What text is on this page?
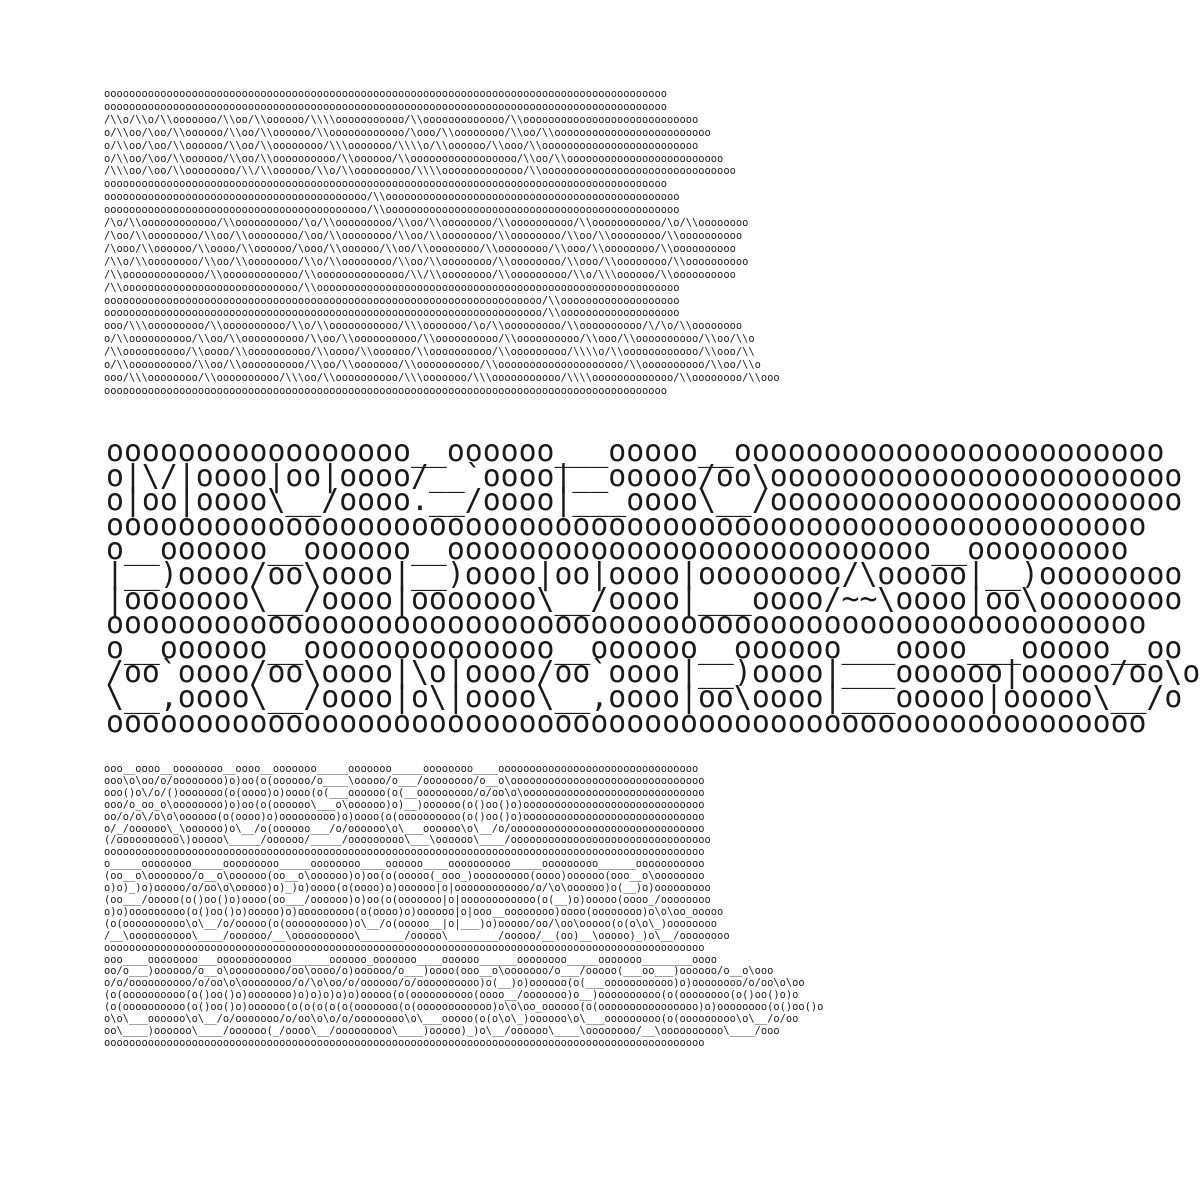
oooooooooooooooooooooooooooooooooooooooooooooooooooooooooooooooooooooooooooooooooooooooooo
oooooooooooooooooooooooooooooooooooooooooooooooooooooooooooooooooooooooooooooooooooooooooo
/\\o/\\o/\\ooooooo/\\oo/\\oooooo/\\\\ooooooooooo/\\ooooooooooooo/\\oooooooooooooooooooooooooooo
o/\\oo/\oo/\\oooooo/\\oo/\\oooooo/\\oooooooooooo/\ooo/\\oooooooo/\\oo/\\ooooooooooooooooooooooooo
o/\\oo/\oo/\\oooooo/\\oo/\\oooooooo/\\\ooooooo/\\\\o/\\oooooo/\\ooo/\\ooooooooooooooooooooooooo
o/\\oo/\oo/\\oooooo/\\oo/\\oooooooooo/\\oooooo/\\ooooooooooooooooo/\\oo/\\ooooooooooooooooooooooooo
/\\\oo/\oo/\\oooooooo/\\/\\oooooo/\\o/\\ooooooooo/\\\\ooooooooooooo/\\ooooooooooooooooooooooooooooooo
oooooooooooooooooooooooooooooooooooooooooooooooooooooooooooooooooooooooooooooooooooooooooo
oooooooooooooooooooooooooooooooooooooooooo/\\ooooooooooooooooooooooooooooooooooooooooooooooo
oooooooooooooooooooooooooooooooooooooooooo/\\ooooooooooooooooooooooooooooooooooooooooooooooo
/\o/\\oooooooooooo/\\oooooooooo/\o/\\ooooooooo/\\oo/\\oooooooo/\\oooooooooo/\\ooooooooooo/\o/\\oooooooo
/\oo/\\oooooooo/\\oo/\\oooooooo/\oo/\\oooooooo/\\oo/\\oooooooo/\\oooooooo/\\oo/\\oooooooo/\\oooooooooo
/\ooo/\\oooooo/\\oooo/\\oooooo/\ooo/\\oooooo/\\oo/\\oooooooo/\\oooooooo/\\ooo/\\oooooooo/\\oooooooooo
/\\o/\\oooooooo/\\oo/\\oooooooo/\\o/\\oooooooo/\\oo/\\oooooooo/\\oooooooo/\\ooo/\\oooooooo/\\oooooooooo
/\\ooooooooooooo/\\oooooooooooo/\\oooooooooooooo/\\/\\oooooooo/\\ooooooooo/\\o/\\\oooooo/\\oooooooooo
/\\oooooooooooooooooooooooooooo/\\oooooooooooooooooooooooooooooooooooooooooooooooooooooooooo
oooooooooooooooooooooooooooooooooooooooooooooooooooooooooooooooooooooo/\\ooooooooooooooooooo
oooooooooooooooooooooooooooooooooooooooooooooooooooooooooooooooooooooo/\\ooooooooooooooooooo
ooo/\\\ooooooooo/\\oooooooooo/\\o/\\ooooooooooo/\\\ooooooo/\o/\\ooooooooo/\\oooooooooo/\/\o/\\oooooooo
o/\\oooooooooo/\\oo/\\oooooooooo/\\oo/\\oooooooooo/\\oooooooooo/\\oooooooooo/\\ooo/\\oooooooooo/\\oo/\\o
/\\oooooooooo/\\oooo/\\oooooooooo/\\oooo/\\oooooo/\\oooooooooo/\\ooooooooo/\\\\o/\\oooooooooooo/\\ooo/\\
o/\\oooooooooo/\\oo/\\oooooooooo/\\oo/\\ooooooo/\\oooooooooo/\\oooooooooooooooooooo/\\oooooooooo/\\oo/\\o
ooo/\\\oooooooo/\\oooooooooo/\\\oo/\\oooooooooo/\\\ooooooo/\\\ooooooooooo/\\\\ooooooooooooo/\\oooooooo/\\ooo
oooooooooooooooooooooooooooooooooooooooooooooooooooooooooooooooooooooooooooooooooooooooooo
ooooooooooooooooo__oooooo___ooooo__oooooooooooooooooooooooo
o|\/|oooo|oo|oooo/__`oooo|__ooooo/oo\ooooooooooooooooooooooo
o|oo|oooo\__/oooo.__/oooo|___oooo\__/ooooooooooooooooooooooo
oooooooooooooooooooooooooooooooooooooooooooooooooooooooooo
o__oooooo__oooooo__ooooooooooooooooooooooooooo__ooooooooo
|__)oooo/oo\oooo|__)oooo|oo|oooo|oooooooo/\ooooo|__)oooooooo
|ooooooo\__/oooo|ooooooo\__/oooo|___oooo/~~\oooo|oo\oooooooo
oooooooooooooooooooooooooooooooooooooooooooooooooooooooooo
o__oooooo__oooooooooooooo__oooooo__oooooo___oooo___ooooo__oo
/oo`oooo/oo\oooo|\o|oooo/oo`oooo|__)oooo|___oooooo|ooooo/oo\o
\__,oooo\__/oooo|o\|oooo\__,oooo|oo\oooo|___ooooo|ooooo\__/o
oooooooooooooooooooooooooooooooooooooooooooooooooooooooooo
ooo__oooo__oooooooo__oooo__ooooooo_____ooooooo_____oooooooo____oooooooooooooooooooooooooooooooo
ooo\o\oo/o/oooooooo)o)oo(o(oooooo/o____\ooooo/o___/oooooooo/o__o\ooooooooooooooooooooooooooooooo
ooo()o\/o/()ooooooo(o(oooo)o)oooo(o(___oooooo(o(__ooooooooo/o/oo\o\ooooooooooooooooooooooooooooo
ooo/o_oo_o\oooooooo)o)oo(o(oooooo\___o\oooooo)o)__)oooooo(o()oo()o)ooooooooooooooooooooooooooooo
oo/o/o\/o\o\oooooo(o(oooo)o)ooooooooo)o)oooo(o(oooooooooo(o()oo()o)ooooooooooooooooooooooooooooo
o/_/oooooo\_\oooooo)o\__/o(oooooo___/o/oooooo\o\___oooooo\o\__/o/ooooooooooooooooooooooooooooooo
(/oooooooooo\)ooooo\_____/oooooo/_____/ooooooooo\___\oooooo\____/oooooooooooooooooooooooooooooooo
oooooooooooooooooooooooooooooooooooooooooooooooooooooooooooooooooooooooooooooooooooooooooooooooo
o_____oooooooo_____ooooooooo_____oooooooo____oooooo____oooooooooo_____ooooooooo______ooooooooooo
(oo__o\ooooooo/o__o\oooooo(oo__o\oooooo)o)oo(o(ooooo(_ooo_)ooooooooo(oooo)oooooo(ooo__o\oooooooo
o)o)_)o)ooooo/o/oo\o\ooooo)o)_)o)oooo(o(oooo)o)oooooo|o|oooooooooooo/o/\o\oooooo)o(__)o)ooooooooo
(oo___/ooooo(o()oo()o)oooo(oo___/oooooo)o)oo(o(ooooooo|o|oooooooooooo(o(__)o)ooooo(oooo_/oooooooo
o)o)ooooooooo(o()oo()o)ooooo)o)ooooooooo(o(oooo)o)oooooo|o|ooo__oooooooo)oooo(oooooooo)o\o\oo_ooooo
(o(oooooooooo\o\__/o/ooooo(o(oooooooooo)o\__/o(ooooo__|o|___)o)ooooo/oo/\oo\ooooo(o(o\o\_)oooooooo
/__\oooooooooo\____/oooooo/__\oooooooooo\_______/ooooo\________/ooooo/__(oo)__\ooooo)_)o\__/oooooooo
oooooooooooooooooooooooooooooooooooooooooooooooooooooooooooooooooooooooooooooooooooooooooooooooo
ooo____oooooooo___oooooooooooo______oooooo_ooooooo____oooooo______oooooooo_____ooooooo________oooo
oo/o___)oooooo/o__o\ooooooooo/oo\oooo/o)oooooo/o___)oooo(ooo__o\ooooooo/o___/ooooo(___oo___)oooooo/o__o\ooo
o/o/oooooooooo/o/oo\o\oooooooo/o/\o\oo/o/oooooo/o/oooooooooo)o(__)o)oooooo(o(___ooooooooooo)o)oooooooo/o/oo\o\oo
(o(oooooooooo(o()oo()o)ooooooo)o)o)o)o)o)ooooo(o(oooooooooo(oooo__/ooooooo)o__)oooooooooo(o(oooooooo(o()oo()o)o
(o(oooooooooo(o()oo()o)oooooo(o(o(o(o(o(ooooooo(o(oooooooooooo)o\o\oo_oooooo(o(oooooooooooooooo)o)oooooooo(o()oo()o
o\o\___oooooo\o\__/o/ooooooo/o/oo\o\o/o/oooooooo\o\___ooooo(o(o\o\_)oooooo\o\___ooooooooo(o(ooooooooo\o\__/o/oo
oo\____)oooooo\____/oooooo(_/oooo\__/ooooooooo\____)ooooo)_)o\__/oooooo\____\oooooooo/__\oooooooooo\____/ooo
oooooooooooooooooooooooooooooooooooooooooooooooooooooooooooooooooooooooooooooooooooooooooooooooo
